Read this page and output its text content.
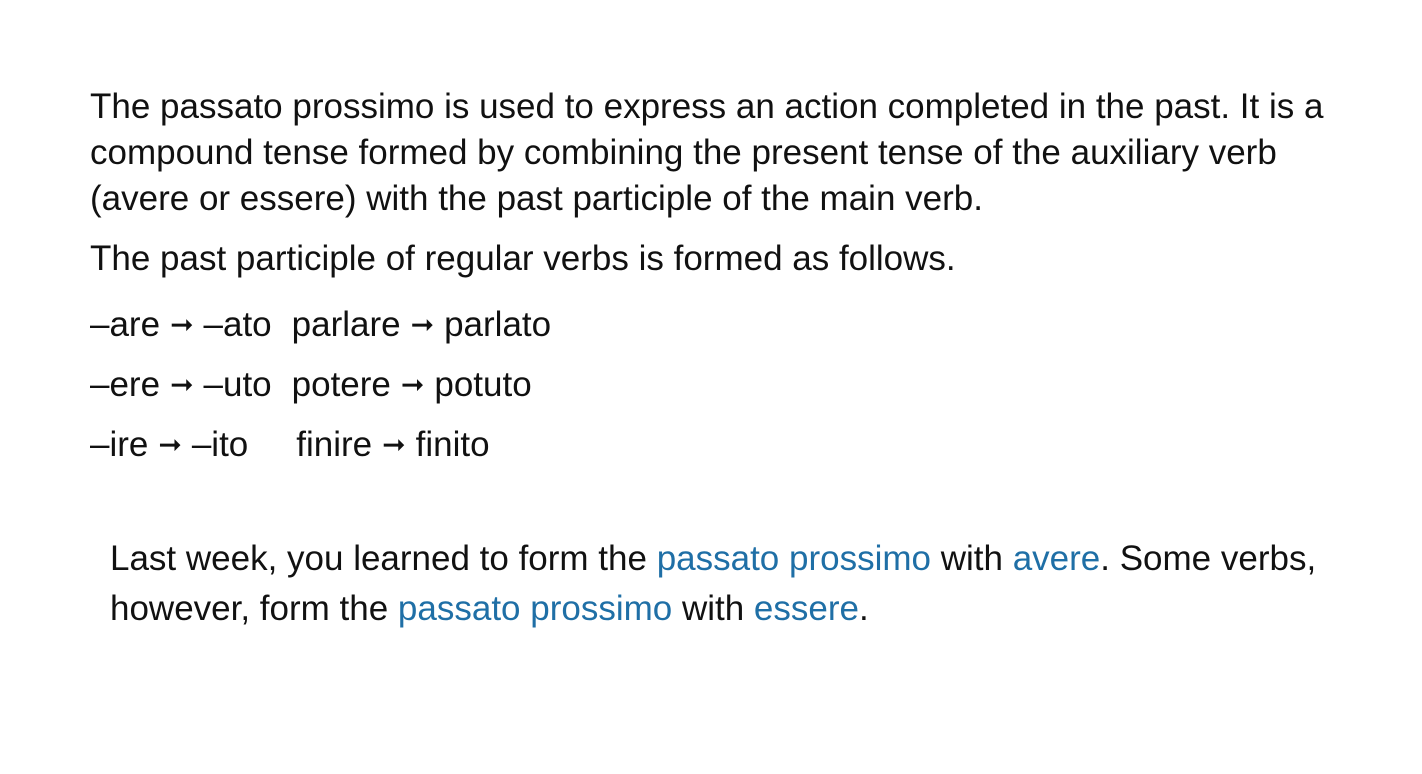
The passato prossimo is used to express an action completed in the past. It is a compound tense formed by combining the present tense of the auxiliary verb (avere or essere) with the past participle of the main verb.

The past participle of regular verbs is formed as follows.

–are ➞ –ato parlare ➞ parlato
–ere ➞ –uto potere ➞ potuto
–ire ➞ –ito finire ➞ finito

Last week, you learned to form the passato prossimo with avere. Some verbs, however, form the passato prossimo with essere.
